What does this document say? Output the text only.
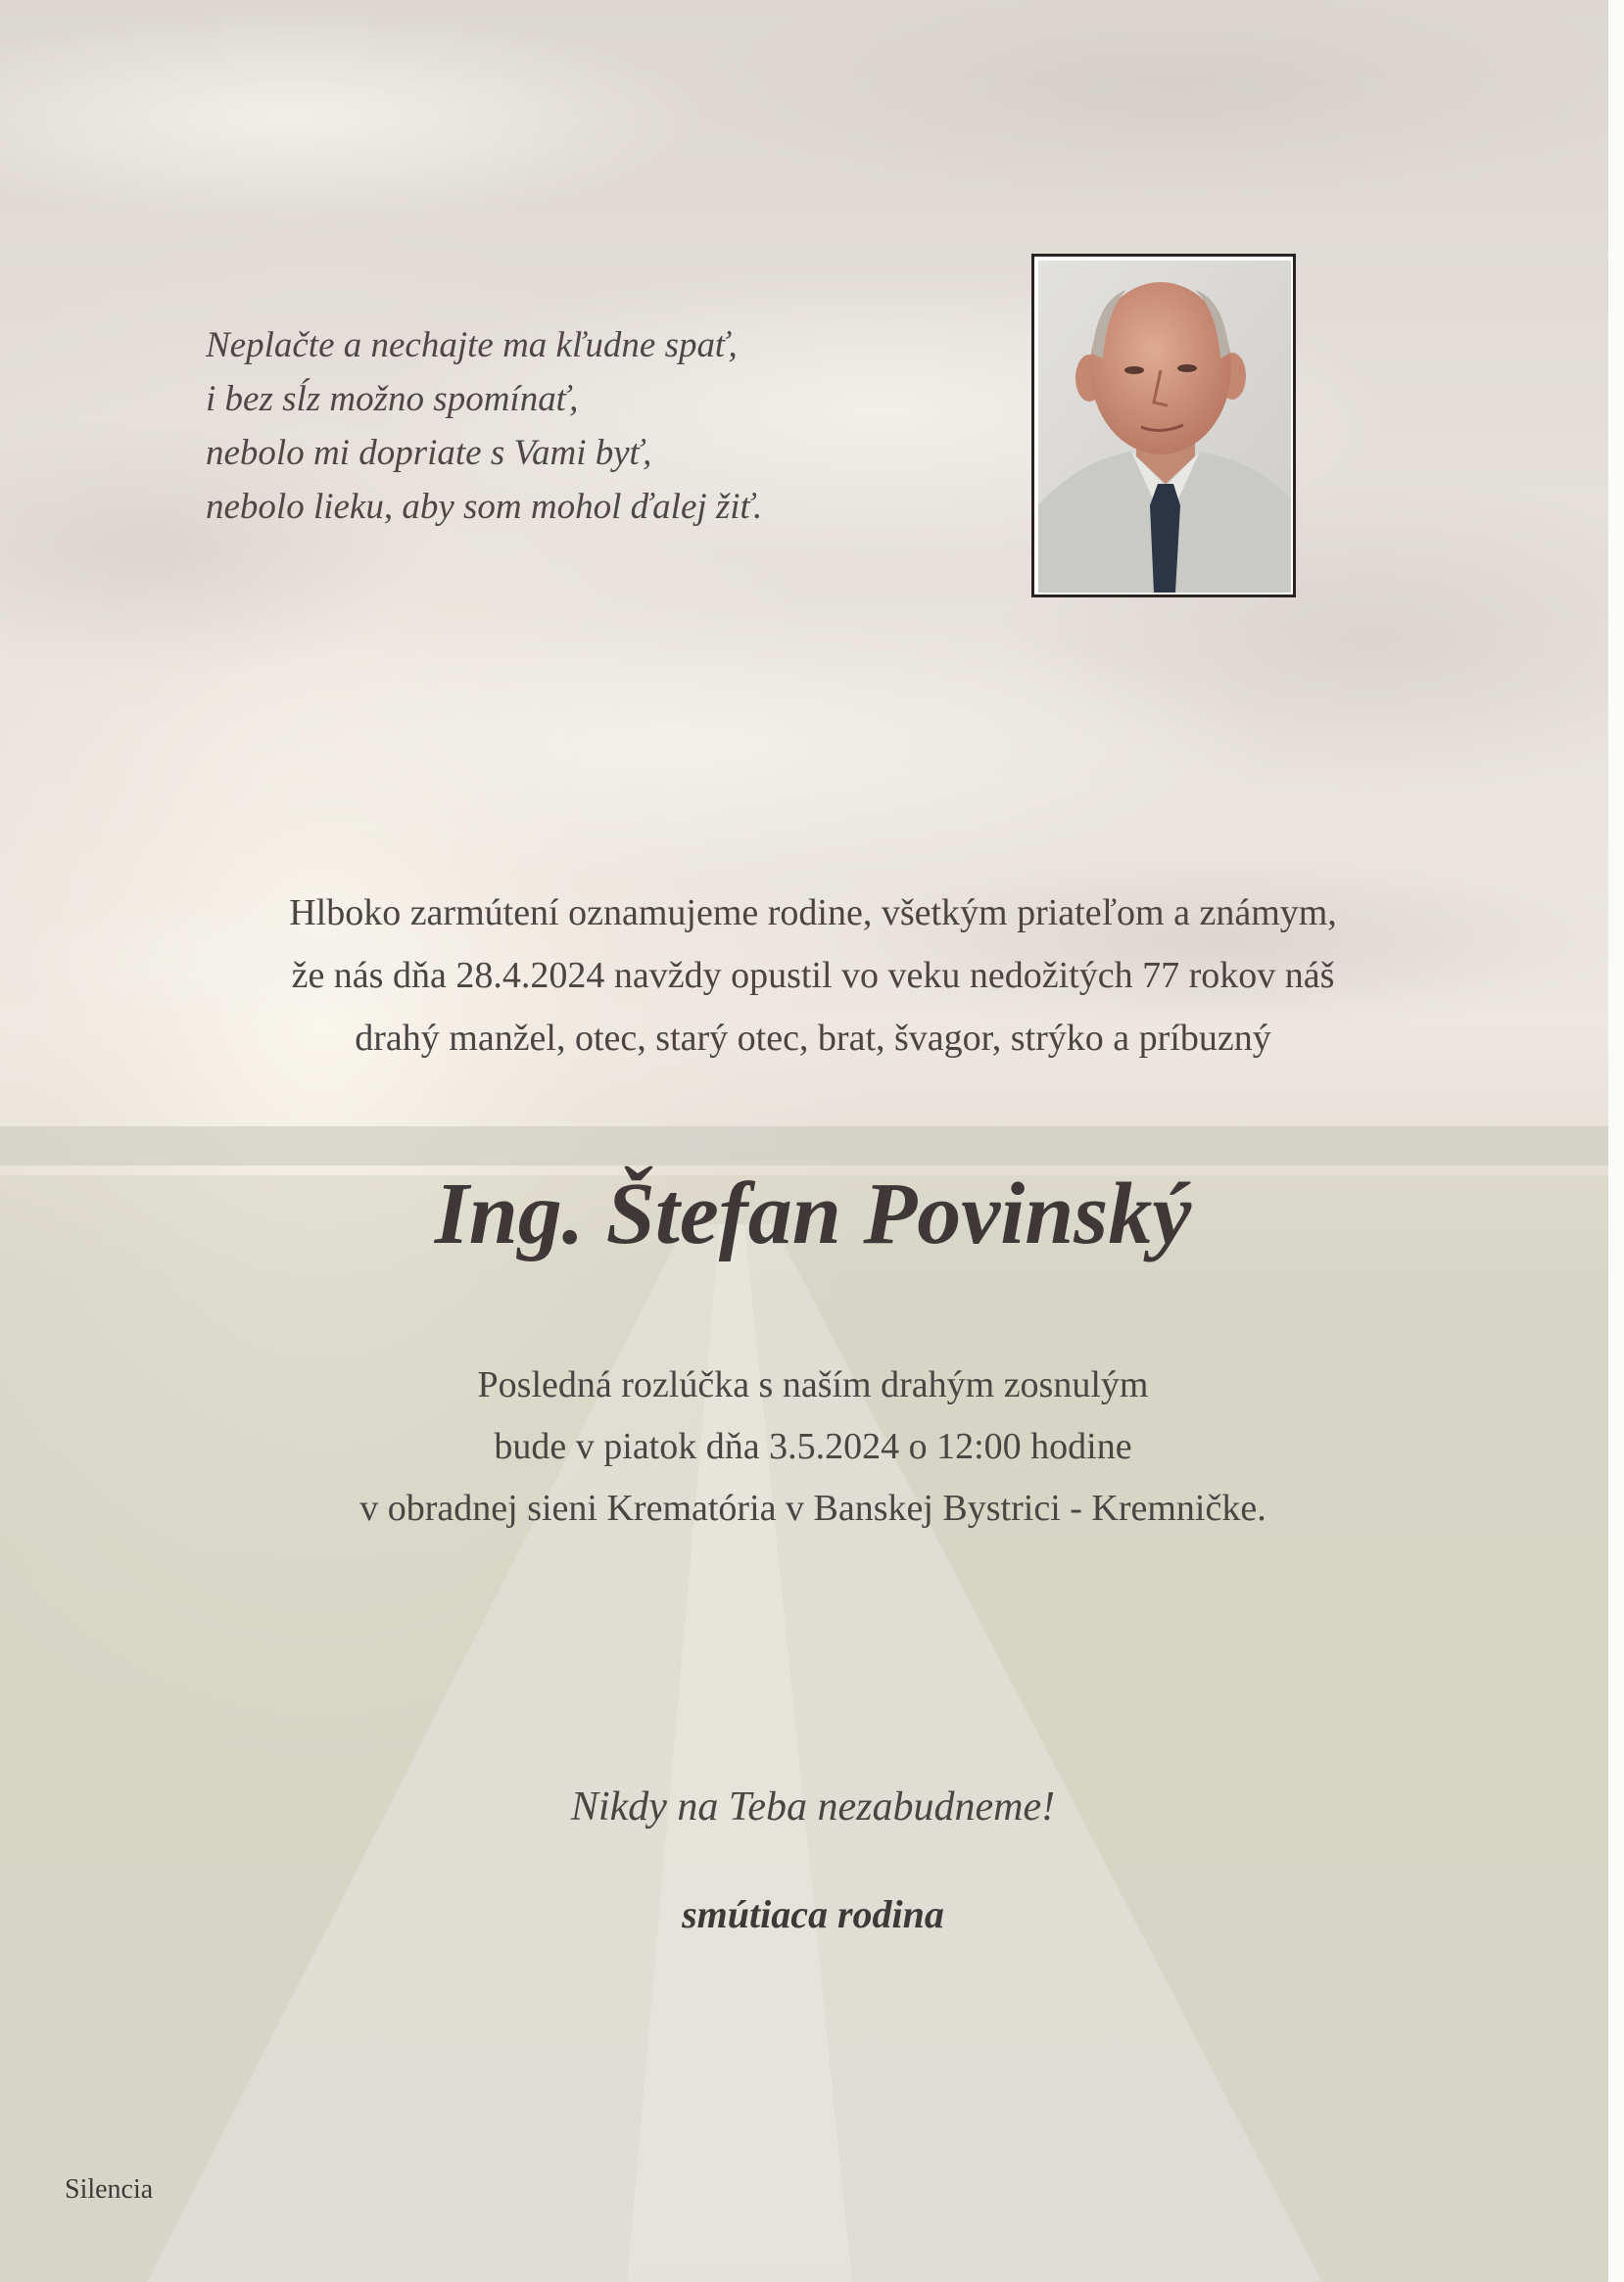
Neplačte a nechajte ma kľudne spať,
i bez sĺz možno spomínať,
nebolo mi dopriate s Vami byť,
nebolo lieku, aby som mohol ďalej žiť.
Hlboko zarmútení oznamujeme rodine, všetkým priateľom a známym,
že nás dňa 28.4.2024 navždy opustil vo veku nedožitých 77 rokov náš
drahý manžel, otec, starý otec, brat, švagor, strýko a príbuzný
Ing. Štefan Povinský
Posledná rozlúčka s naším drahým zosnulým
bude v piatok dňa 3.5.2024 o 12:00 hodine
v obradnej sieni Krematória v Banskej Bystrici - Kremničke.
Nikdy na Teba nezabudneme!
smútiaca rodina
Silencia
